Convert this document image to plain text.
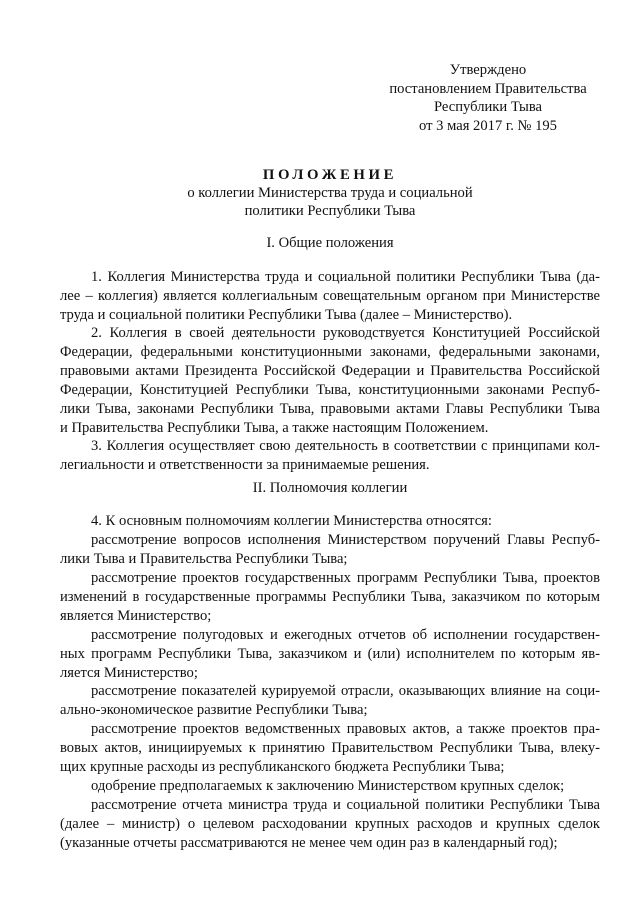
Утверждено
постановлением Правительства
Республики Тыва
от 3 мая 2017 г. № 195
ПОЛОЖЕНИЕ
о коллегии Министерства труда и социальной
политики Республики Тыва
I. Общие положения
1. Коллегия Министерства труда и социальной политики Республики Тыва (да-
лее – коллегия) является коллегиальным совещательным органом при Министерстве
труда и социальной политики Республики Тыва (далее – Министерство).
2. Коллегия в своей деятельности руководствуется Конституцией Российской
Федерации, федеральными конституционными законами, федеральными законами,
правовыми актами Президента Российской Федерации и Правительства Российской
Федерации, Конституцией Республики Тыва, конституционными законами Респуб-
лики Тыва, законами Республики Тыва, правовыми актами Главы Республики Тыва
и Правительства Республики Тыва, а также настоящим Положением.
3. Коллегия осуществляет свою деятельность в соответствии с принципами кол-
легиальности и ответственности за принимаемые решения.
II. Полномочия коллегии
4. К основным полномочиям коллегии Министерства относятся:
рассмотрение вопросов исполнения Министерством поручений Главы Респуб-
лики Тыва и Правительства Республики Тыва;
рассмотрение проектов государственных программ Республики Тыва, проектов
изменений в государственные программы Республики Тыва, заказчиком по которым
является Министерство;
рассмотрение полугодовых и ежегодных отчетов об исполнении государствен-
ных программ Республики Тыва, заказчиком и (или) исполнителем по которым яв-
ляется Министерство;
рассмотрение показателей курируемой отрасли, оказывающих влияние на соци-
ально-экономическое развитие Республики Тыва;
рассмотрение проектов ведомственных правовых актов, а также проектов пра-
вовых актов, инициируемых к принятию Правительством Республики Тыва, влеку-
щих крупные расходы из республиканского бюджета Республики Тыва;
одобрение предполагаемых к заключению Министерством крупных сделок;
рассмотрение отчета министра труда и социальной политики Республики Тыва
(далее – министр) о целевом расходовании крупных расходов и крупных сделок
(указанные отчеты рассматриваются не менее чем один раз в календарный год);
